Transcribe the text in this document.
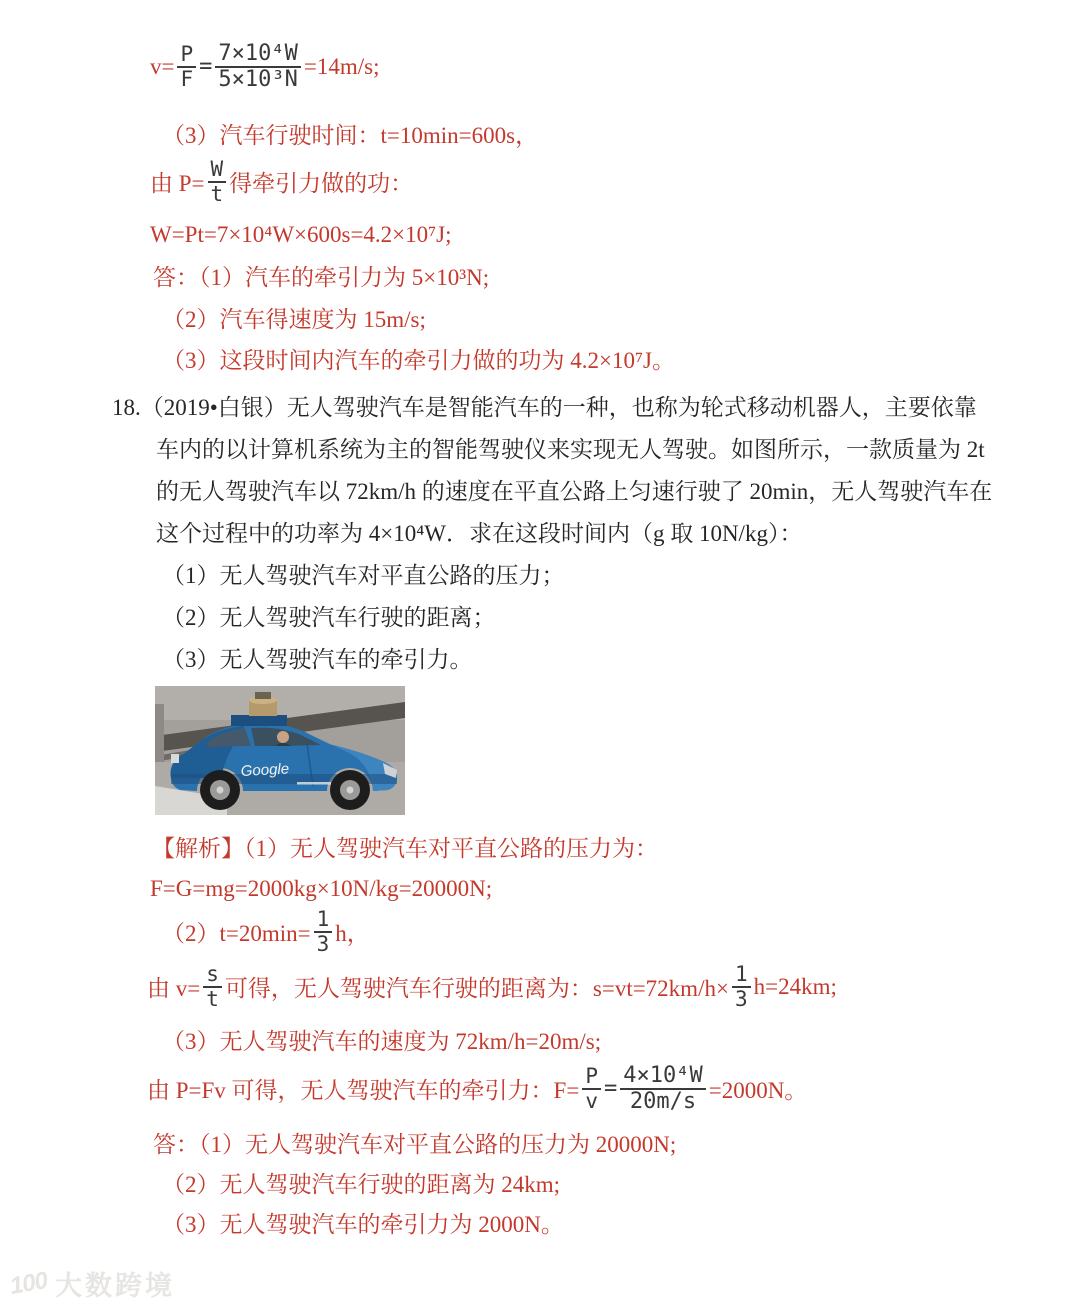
$v= \frac{P}{F} = \frac{\text{7×10⁴W}}{\text{5×10³N}} =14m/s$;
（3）汽车行驶时间：t=10min=600s，
由 $P= \frac{W}{t}$ 得牵引力做的功：
W=Pt=7×10⁴W×600s=4.2×10⁷J;
答：（1）汽车的牵引力为 5×10³N;
（2）汽车得速度为 15m/s;
（3）这段时间内汽车的牵引力做的功为 4.2×10⁷J。
18.（2019•白银）无人驾驶汽车是智能汽车的一种，也称为轮式移动机器人，主要依靠
车内的以计算机系统为主的智能驾驶仪来实现无人驾驶。如图所示，一款质量为 2t
的无人驾驶汽车以 72km/h 的速度在平直公路上匀速行驶了 20min，无人驾驶汽车在
这个过程中的功率为 4×10⁴W．求在这段时间内（g 取 10N/kg）：
（1）无人驾驶汽车对平直公路的压力；
（2）无人驾驶汽车行驶的距离；
（3）无人驾驶汽车的牵引力。
Google
【解析】（1）无人驾驶汽车对平直公路的压力为：
F=G=mg=2000kg×10N/kg=20000N;
$(2)t=20\min= \frac{1}{3}$ h，
由 $v= \frac{s}{t}$ 可得，无人驾驶汽车行驶的距离为：$s=vt=72km/h\times \frac{1}{3} h=24km$;
（3）无人驾驶汽车的速度为 72km/h=20m/s;
由 P=Fv 可得，无人驾驶汽车的牵引力：$F= \frac{P}{v} = \frac{\text{4×10⁴W}}{20m/s} =2000N$。
答：（1）无人驾驶汽车对平直公路的压力为 20000N;
（2）无人驾驶汽车行驶的距离为 24km;
（3）无人驾驶汽车的牵引力为 2000N。
100 大数跨境
